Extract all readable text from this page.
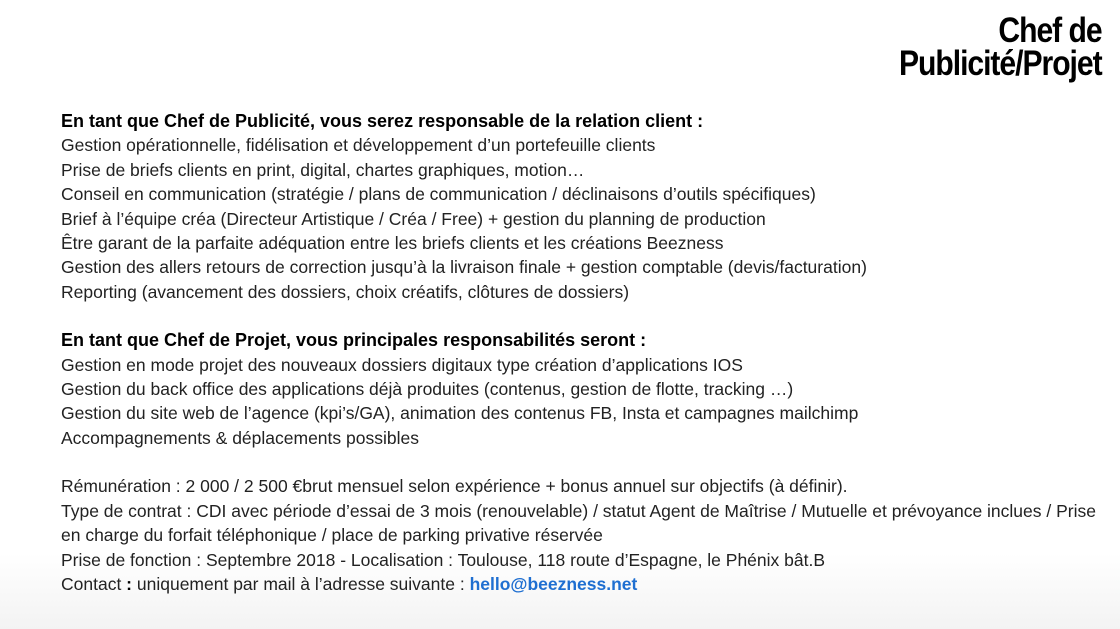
Chef de
Publicité/Projet
En tant que Chef de Publicité, vous serez responsable de la relation client :
Gestion opérationnelle, fidélisation et développement d’un portefeuille clients
Prise de briefs clients en print, digital, chartes graphiques, motion…
Conseil en communication (stratégie / plans de communication / déclinaisons d’outils spécifiques)
Brief à l’équipe créa (Directeur Artistique / Créa / Free) + gestion du planning de production
Être garant de la parfaite adéquation entre les briefs clients et les créations Beezness
Gestion des allers retours de correction jusqu’à la livraison finale + gestion comptable (devis/facturation)
Reporting (avancement des dossiers, choix créatifs, clôtures de dossiers)
En tant que Chef de Projet, vous principales responsabilités seront :
Gestion en mode projet des nouveaux dossiers digitaux type création d’applications IOS
Gestion du back office des applications déjà produites (contenus, gestion de flotte, tracking …)
Gestion du site web de l’agence (kpi’s/GA), animation des contenus FB, Insta et campagnes mailchimp
Accompagnements & déplacements possibles
Rémunération : 2 000 / 2 500 €brut mensuel selon expérience + bonus annuel sur objectifs (à définir).
Type de contrat : CDI avec période d’essai de 3 mois (renouvelable) / statut Agent de Maîtrise / Mutuelle et prévoyance inclues / Prise en charge du forfait téléphonique / place de parking privative réservée
Prise de fonction : Septembre 2018 - Localisation : Toulouse, 118 route d’Espagne, le Phénix bât.B
Contact : uniquement par mail à l’adresse suivante : hello@beezness.net
